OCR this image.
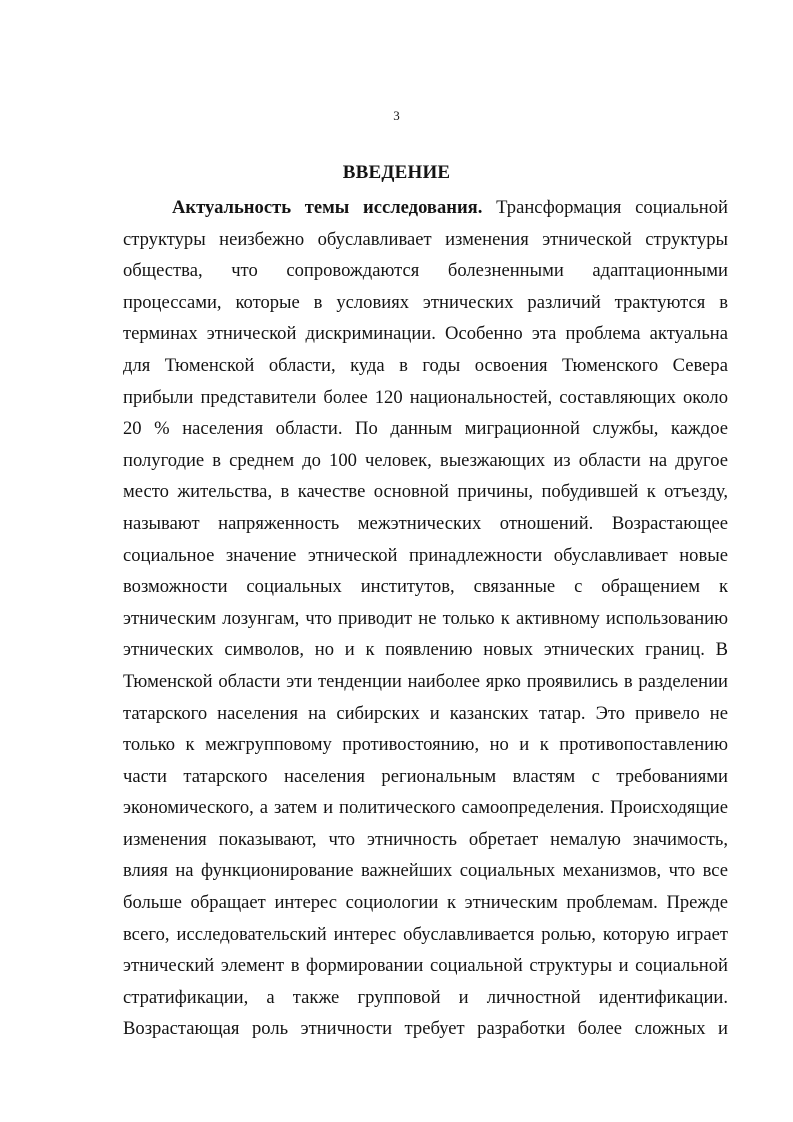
3
ВВЕДЕНИЕ
Актуальность темы исследования. Трансформация социальной
структуры неизбежно обуславливает изменения этнической структуры
общества, что сопровождаются болезненными адаптационными
процессами, которые в условиях этнических различий трактуются в
терминах этнической дискриминации. Особенно эта проблема актуальна
для Тюменской области, куда в годы освоения Тюменского Севера
прибыли представители более 120 национальностей, составляющих около
20 % населения области. По данным миграционной службы, каждое
полугодие в среднем до 100 человек, выезжающих из области на другое
место жительства, в качестве основной причины, побудившей к отъезду,
называют напряженность межэтнических отношений. Возрастающее
социальное значение этнической принадлежности обуславливает новые
возможности социальных институтов, связанные с обращением к
этническим лозунгам, что приводит не только к активному использованию
этнических символов, но и к появлению новых этнических границ. В
Тюменской области эти тенденции наиболее ярко проявились в разделении
татарского населения на сибирских и казанских татар. Это привело не
только к межгрупповому противостоянию, но и к противопоставлению
части татарского населения региональным властям с требованиями
экономического, а затем и политического самоопределения. Происходящие
изменения показывают, что этничность обретает немалую значимость,
влияя на функционирование важнейших социальных механизмов, что все
больше обращает интерес социологии к этническим проблемам. Прежде
всего, исследовательский интерес обуславливается ролью, которую играет
этнический элемент в формировании социальной структуры и социальной
стратификации, а также групповой и личностной идентификации.
Возрастающая роль этничности требует разработки более сложных и
